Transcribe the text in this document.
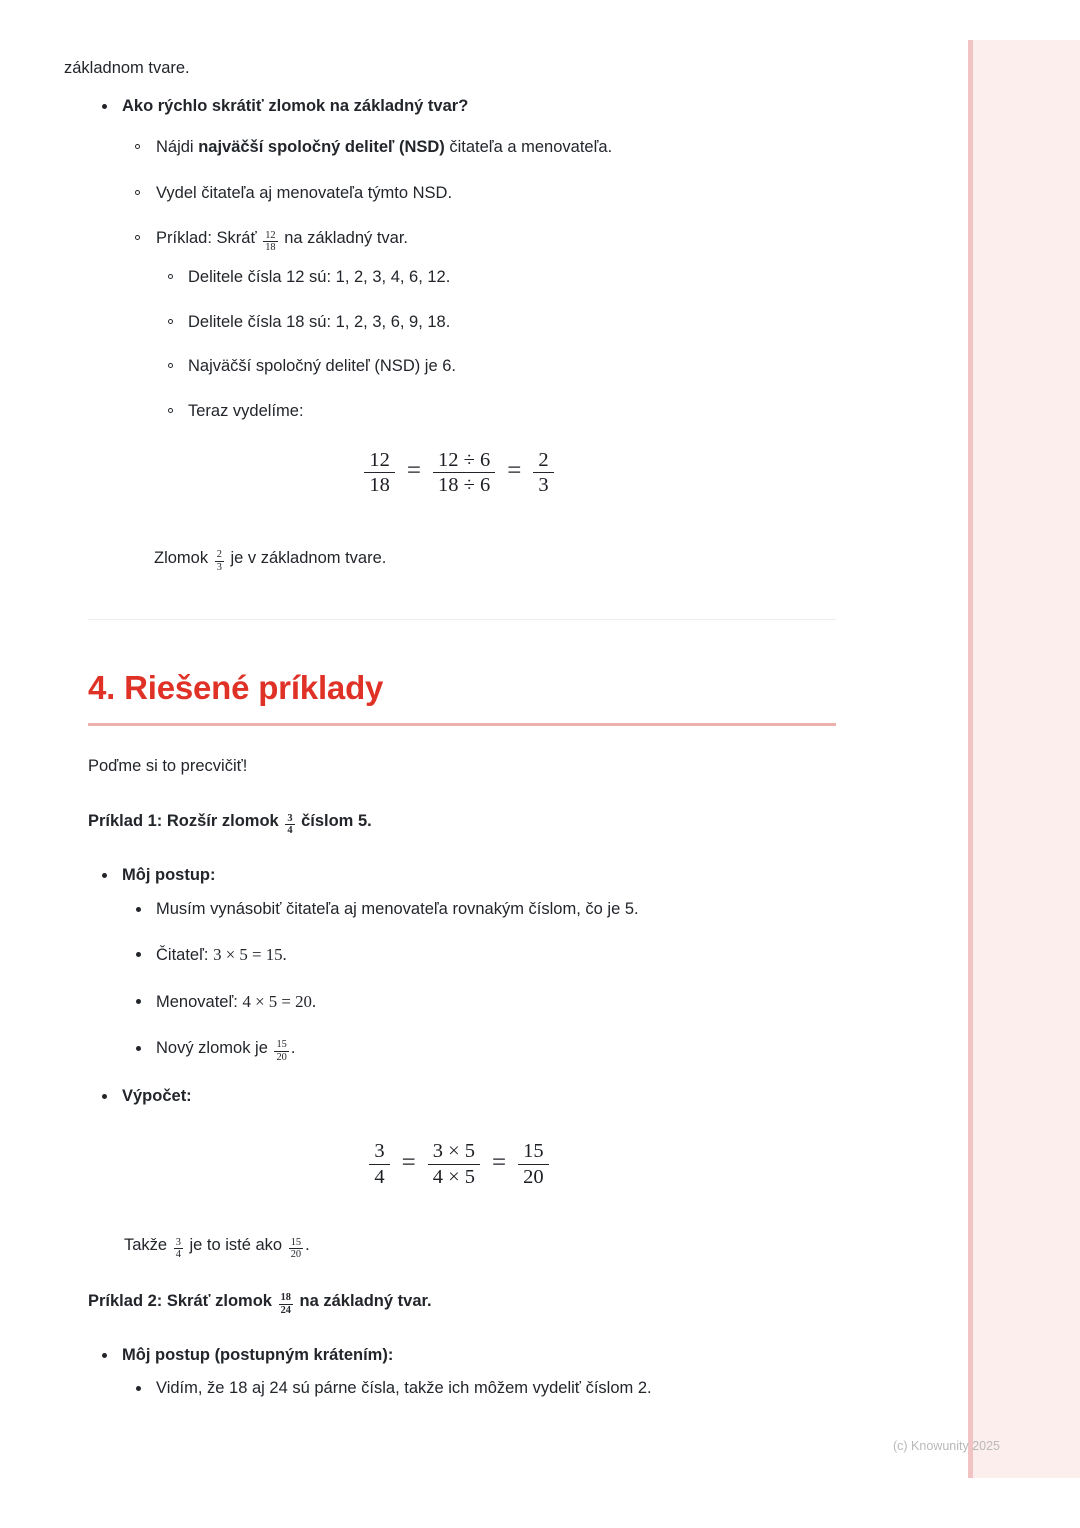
základnom tvare.
Ako rýchlo skrátiť zlomok na základný tvar?
Nájdi najväčší spoločný deliteľ (NSD) čitateľa a menovateľa.
Vydel čitateľa aj menovateľa týmto NSD.
Príklad: Skráť $\frac{12}{18}$ na základný tvar.
Delitele čísla 12 sú: 1, 2, 3, 4, 6, 12.
Delitele čísla 18 sú: 1, 2, 3, 6, 9, 18.
Najväčší spoločný deliteľ (NSD) je 6.
Teraz vydelíme:
$\frac{12}{18} = \frac{12 \div 6}{18 \div 6} = \frac{2}{3}$
Zlomok $\frac{2}{3}$ je v základnom tvare.
4. Riešené príklady
Poďme si to precvičiť!
Príklad 1: Rozšír zlomok $\frac{3}{4}$ číslom 5.
Môj postup:
Musím vynásobiť čitateľa aj menovateľa rovnakým číslom, čo je 5.
Čitateľ: 3 × 5 = 15.
Menovateľ: 4 × 5 = 20.
Nový zlomok je $\frac{15}{20}$ .
Výpočet:
$\frac{3}{4} = \frac{3 \times 5}{4 \times 5} = \frac{15}{20}$
Takže $\frac{3}{4}$ je to isté ako $\frac{15}{20}$ .
Príklad 2: Skráť zlomok $\frac{18}{24}$ na základný tvar.
Môj postup (postupným krátením):
Vidím, že 18 aj 24 sú párne čísla, takže ich môžem vydeliť číslom 2.
(c) Knowunity 2025
